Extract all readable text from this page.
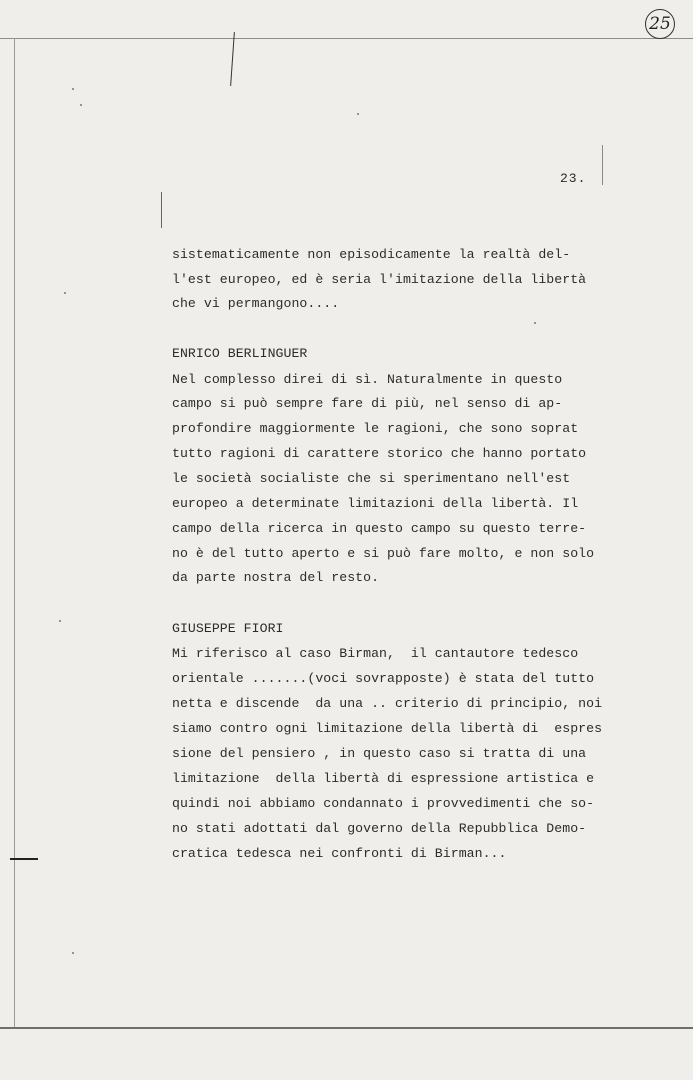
25
23.
sistematicamente non episodicamente la realtà del-
l'est europeo, ed è seria l'imitazione della libertà
che vi permangono....
ENRICO BERLINGUER
Nel complesso direi di sì. Naturalmente in questo
campo si può sempre fare di più, nel senso di ap-
profondire maggiormente le ragioni, che sono soprat
tutto ragioni di carattere storico che hanno portato
le società socialiste che si sperimentano nell'est
europeo a determinate limitazioni della libertà. Il
campo della ricerca in questo campo su questo terre-
no è del tutto aperto e si può fare molto, e non solo
da parte nostra del resto.
GIUSEPPE FIORI
Mi riferisco al caso Birman,  il cantautore tedesco
orientale .......(voci sovrapposte) è stata del tutto
netta e discende  da una .. criterio di principio, noi
siamo contro ogni limitazione della libertà di  espres
sione del pensiero , in questo caso si tratta di una
limitazione  della libertà di espressione artistica e
quindi noi abbiamo condannato i provvedimenti che so-
no stati adottati dal governo della Repubblica Demo-
cratica tedesca nei confronti di Birman...
